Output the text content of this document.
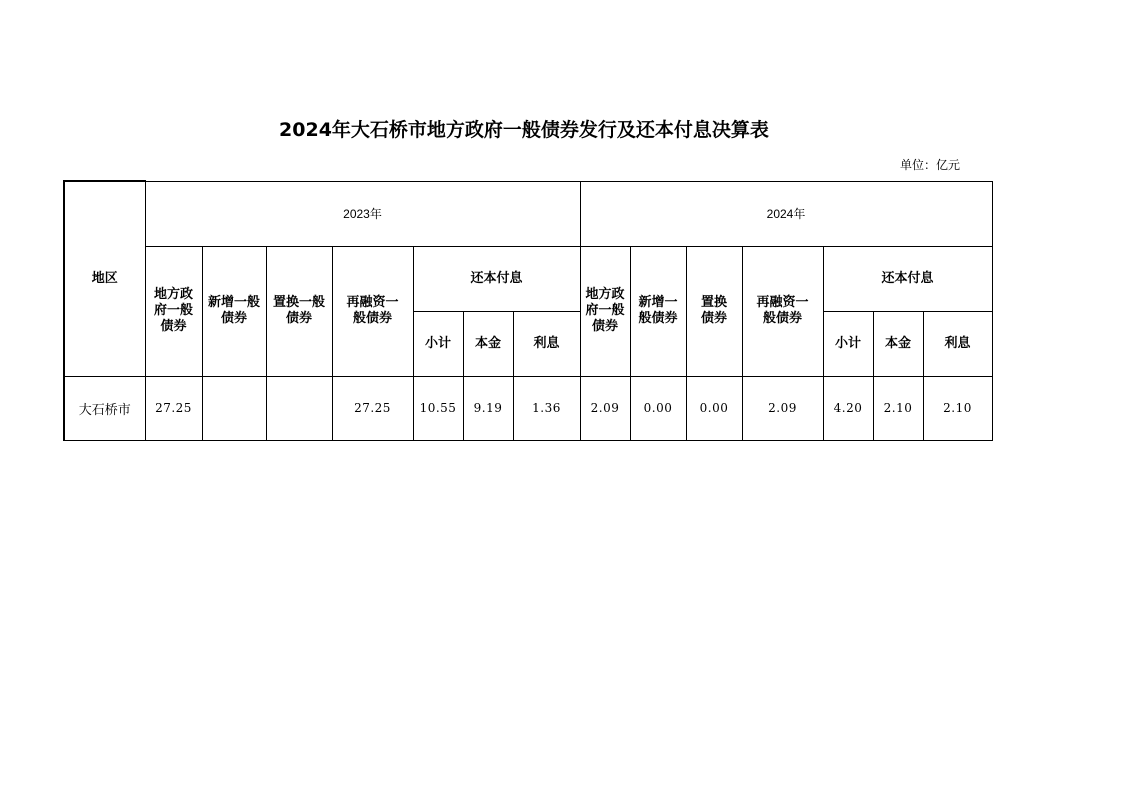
2024年大石桥市地方政府一般债券发行及还本付息决算表
单位：亿元
地区	2023年							2024年						
	地方政府一般债券	新增一般债券	置换一般债券	再融资一般债券	还本付息			地方政府一般债券	新增一般债券	置换债券	再融资一般债券	还本付息		
					小计	本金	利息					小计	本金	利息
大石桥市	27.25			27.25	10.55	9.19	1.36	2.09	0.00	0.00	2.09	4.20	2.10	2.10
